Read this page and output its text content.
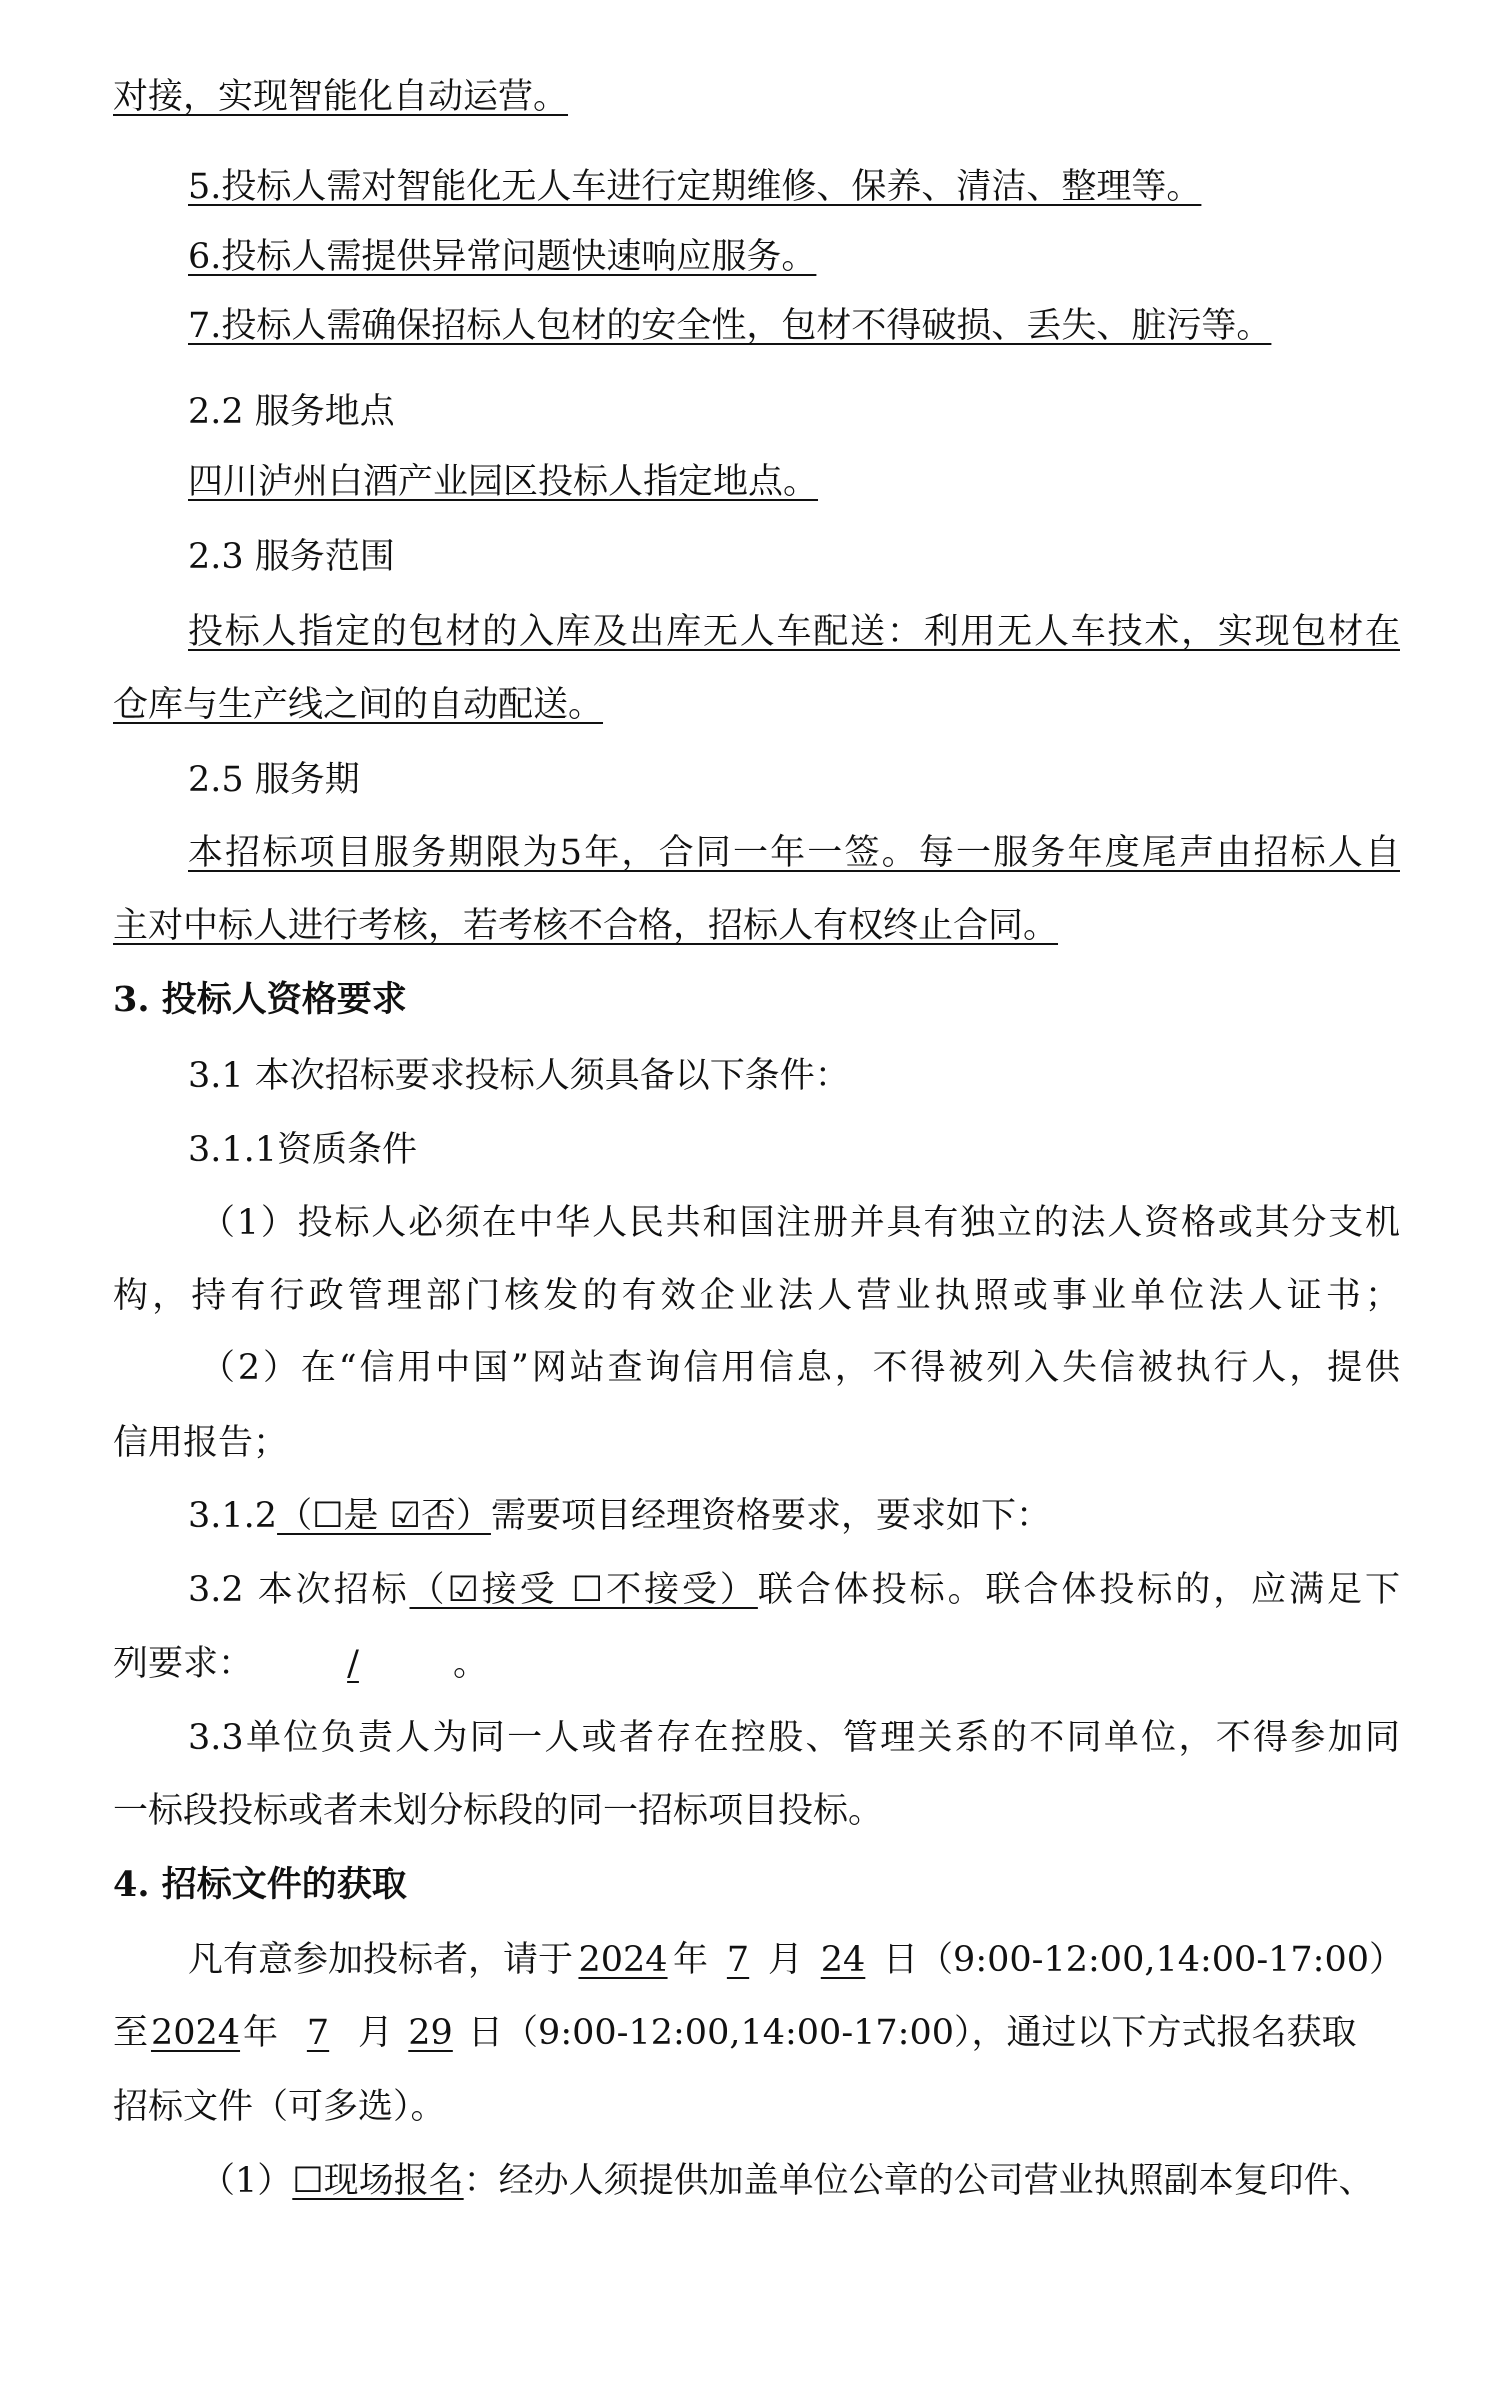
对接，实现智能化自动运营。
5.投标人需对智能化无人车进行定期维修、保养、清洁、整理等。
6.投标人需提供异常问题快速响应服务。
7.投标人需确保招标人包材的安全性，包材不得破损、丢失、脏污等。
2.2 服务地点
四川泸州白酒产业园区投标人指定地点。
2.3 服务范围
投标人指定的包材的入库及出库无人车配送：利用无人车技术，实现包材在
仓库与生产线之间的自动配送。
2.5 服务期
本招标项目服务期限为5年，合同一年一签。每一服务年度尾声由招标人自
主对中标人进行考核，若考核不合格，招标人有权终止合同。
3. 投标人资格要求
3.1 本次招标要求投标人须具备以下条件：
3.1.1资质条件
（1）投标人必须在中华人民共和国注册并具有独立的法人资格或其分支机
构，持有行政管理部门核发的有效企业法人营业执照或事业单位法人证书；
（2）在“信用中国”网站查询信用信息，不得被列入失信被执行人，提供
信用报告；
3.1.2（☐是 ☑否）需要项目经理资格要求，要求如下：
3.2 本次招标（☑接受 ☐不接受）联合体投标。联合体投标的，应满足下
列要求：	/	。
3.3单位负责人为同一人或者存在控股、管理关系的不同单位，不得参加同
一标段投标或者未划分标段的同一招标项目投标。
4. 招标文件的获取
凡有意参加投标者，请于 2024 年 7 月 24 日（9:00-12:00,14:00-17:00）
至2024年 7 月 29 日（9:00-12:00,14:00-17:00），通过以下方式报名获取
招标文件（可多选）。
（1）☐现场报名：经办人须提供加盖单位公章的公司营业执照副本复印件、
